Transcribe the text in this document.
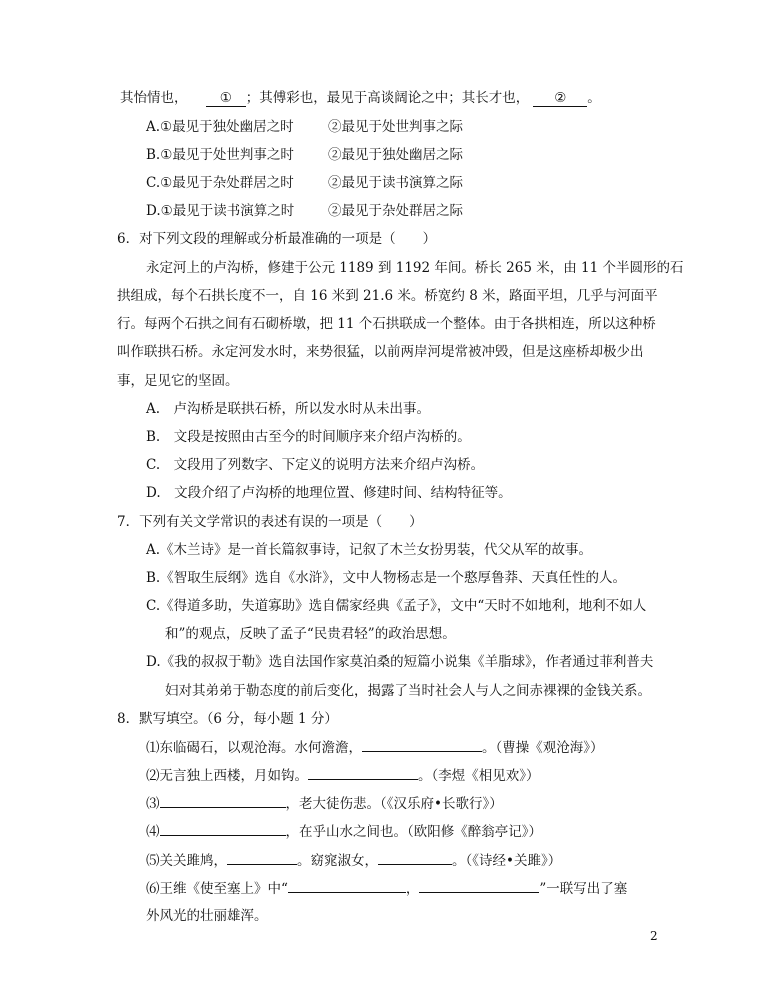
其怡情也， ① ；其傅彩也，最见于高谈阔论之中；其长才也， ② 。
A.①最见于独处幽居之时	②最见于处世判事之际
B.①最见于处世判事之时	②最见于独处幽居之际
C.①最见于杂处群居之时	②最见于读书演算之际
D.①最见于读书演算之时	②最见于杂处群居之际
6．对下列文段的理解或分析最准确的一项是（　　）
永定河上的卢沟桥，修建于公元 1189 到 1192 年间。桥长 265 米，由 11 个半圆形的石
拱组成，每个石拱长度不一，自 16 米到 21.6 米。桥宽约 8 米，路面平坦，几乎与河面平
行。每两个石拱之间有石砌桥墩，把 11 个石拱联成一个整体。由于各拱相连，所以这种桥
叫作联拱石桥。永定河发水时，来势很猛，以前两岸河堤常被冲毁，但是这座桥却极少出
事，足见它的坚固。
A.　卢沟桥是联拱石桥，所以发水时从未出事。
B.　文段是按照由古至今的时间顺序来介绍卢沟桥的。
C.　文段用了列数字、下定义的说明方法来介绍卢沟桥。
D.　文段介绍了卢沟桥的地理位置、修建时间、结构特征等。
7．下列有关文学常识的表述有误的一项是（　　）
A.《木兰诗》是一首长篇叙事诗，记叙了木兰女扮男装，代父从军的故事。
B.《智取生辰纲》选自《水浒》，文中人物杨志是一个憨厚鲁莽、天真任性的人。
C.《得道多助，失道寡助》选自儒家经典《孟子》，文中“天时不如地利，地利不如人
和”的观点，反映了孟子“民贵君轻”的政治思想。
D.《我的叔叔于勒》选自法国作家莫泊桑的短篇小说集《羊脂球》，作者通过菲利普夫
妇对其弟弟于勒态度的前后变化，揭露了当时社会人与人之间赤裸裸的金钱关系。
8．默写填空。（6 分，每小题 1 分）
⑴东临碣石，以观沧海。水何澹澹，	。（曹操《观沧海》）
⑵无言独上西楼，月如钩。	。（李煜《相见欢》）
⑶	，老大徒伤悲。（《汉乐府•长歌行》）
⑷	，在乎山水之间也。（欧阳修《醉翁亭记》）
⑸关关雎鸠，	。窈窕淑女，	。（《诗经•关雎》）
⑹王维《使至塞上》中“	，	”一联写出了塞
外风光的壮丽雄浑。
2
